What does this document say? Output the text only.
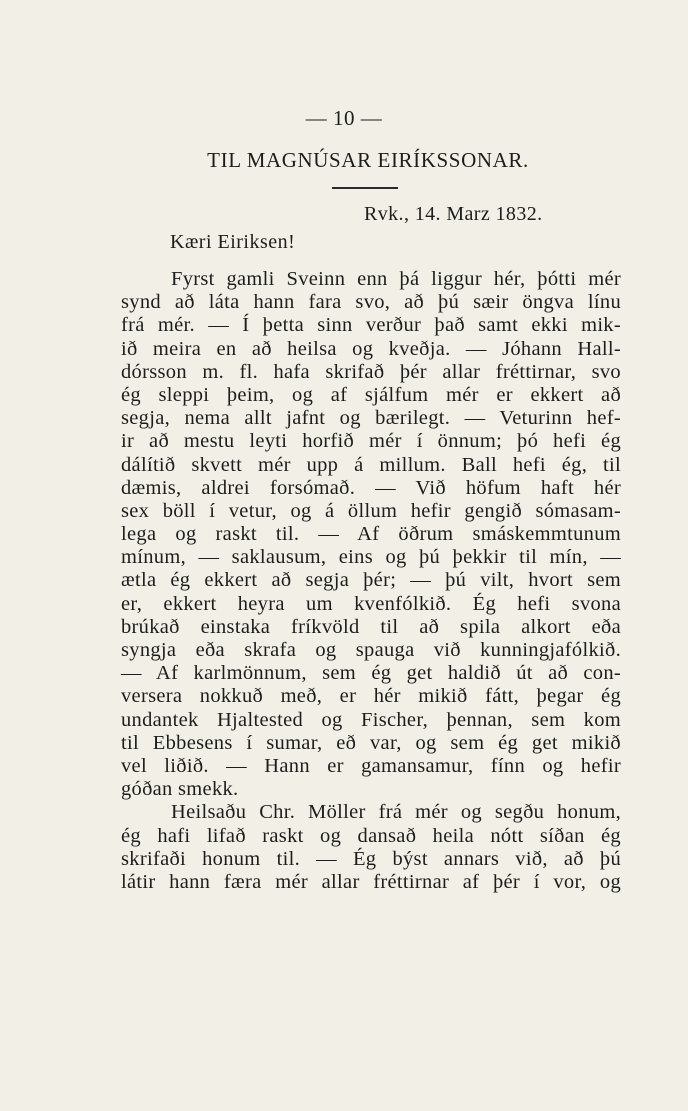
— 10 —
TIL MAGNÚSAR EIRÍKSSONAR.
Rvk., 14. Marz 1832.
Kæri Eiriksen!
Fyrst gamli Sveinn enn þá liggur hér, þótti mér
synd að láta hann fara svo, að þú sæir öngva línu
frá mér. — Í þetta sinn verður það samt ekki mik-
ið meira en að heilsa og kveðja. — Jóhann Hall-
dórsson m. fl. hafa skrifað þér allar fréttirnar, svo
ég sleppi þeim, og af sjálfum mér er ekkert að
segja, nema allt jafnt og bærilegt. — Veturinn hef-
ir að mestu leyti horfið mér í önnum; þó hefi ég
dálítið skvett mér upp á millum. Ball hefi ég, til
dæmis, aldrei forsómað. — Við höfum haft hér
sex böll í vetur, og á öllum hefir gengið sómasam-
lega og raskt til. — Af öðrum smáskemmtunum
mínum, — saklausum, eins og þú þekkir til mín, —
ætla ég ekkert að segja þér; — þú vilt, hvort sem
er, ekkert heyra um kvenfólkið. Ég hefi svona
brúkað einstaka fríkvöld til að spila alkort eða
syngja eða skrafa og spauga við kunningjafólkið.
— Af karlmönnum, sem ég get haldið út að con-
versera nokkuð með, er hér mikið fátt, þegar ég
undantek Hjaltested og Fischer, þennan, sem kom
til Ebbesens í sumar, eð var, og sem ég get mikið
vel liðið. — Hann er gamansamur, fínn og hefir
góðan smekk.
Heilsaðu Chr. Möller frá mér og segðu honum,
ég hafi lifað raskt og dansað heila nótt síðan ég
skrifaði honum til. — Ég býst annars við, að þú
látir hann færa mér allar fréttirnar af þér í vor, og
